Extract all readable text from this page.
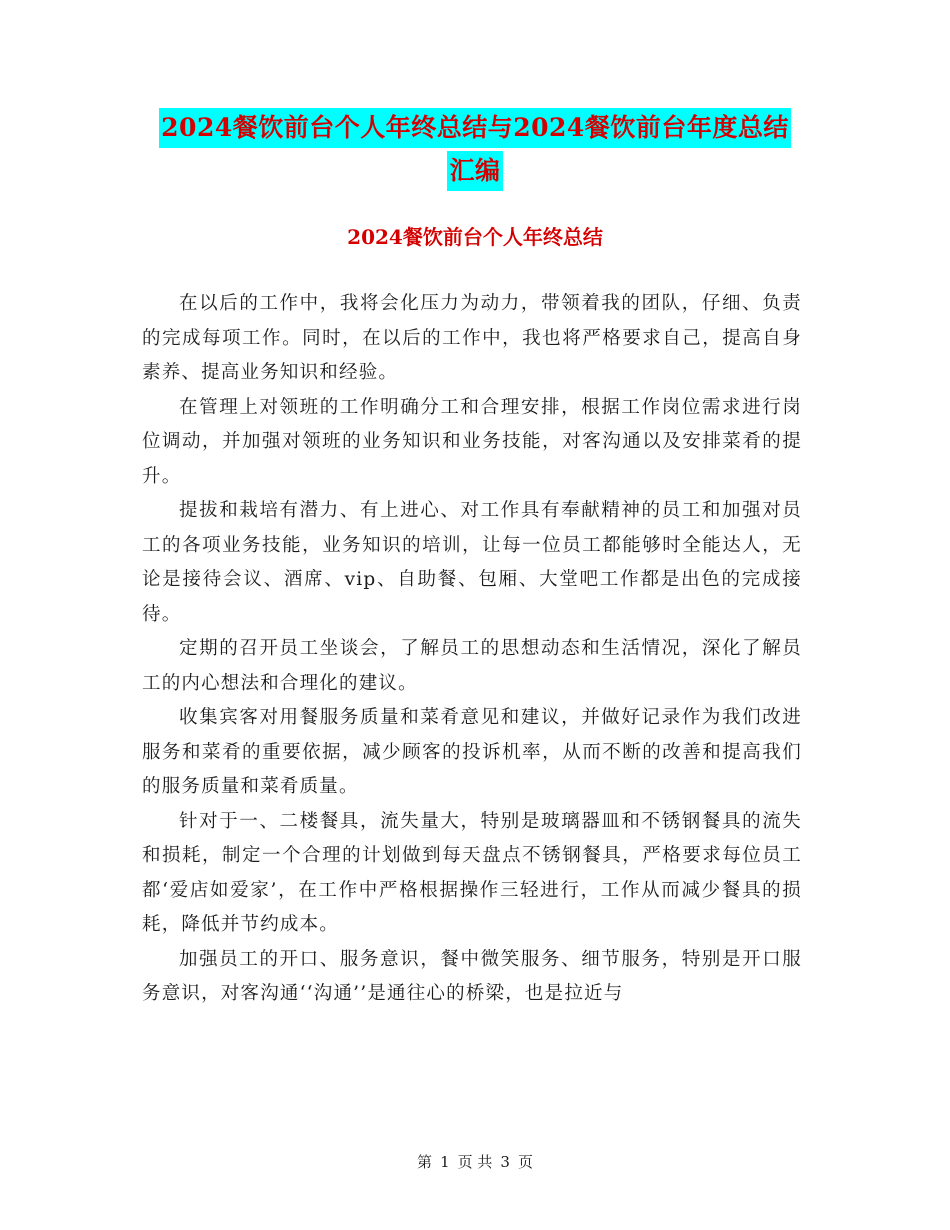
2024餐饮前台个人年终总结与2024餐饮前台年度总结
汇编
2024餐饮前台个人年终总结

在以后的工作中，我将会化压力为动力，带领着我的团队，仔细、负责的完成每项工作。同时，在以后的工作中，我也将严格要求自己，提高自身素养、提高业务知识和经验。

在管理上对领班的工作明确分工和合理安排，根据工作岗位需求进行岗位调动，并加强对领班的业务知识和业务技能，对客沟通以及安排菜肴的提升。

提拔和栽培有潜力、有上进心、对工作具有奉献精神的员工和加强对员工的各项业务技能，业务知识的培训，让每一位员工都能够时全能达人，无论是接待会议、酒席、vip、自助餐、包厢、大堂吧工作都是出色的完成接待。

定期的召开员工坐谈会，了解员工的思想动态和生活情况，深化了解员工的内心想法和合理化的建议。

收集宾客对用餐服务质量和菜肴意见和建议，并做好记录作为我们改进服务和菜肴的重要依据，减少顾客的投诉机率，从而不断的改善和提高我们的服务质量和菜肴质量。

针对于一、二楼餐具，流失量大，特别是玻璃器皿和不锈钢餐具的流失和损耗，制定一个合理的计划做到每天盘点不锈钢餐具，严格要求每位员工都‘爱店如爱家’，在工作中严格根据操作三轻进行，工作从而减少餐具的损耗，降低并节约成本。

加强员工的开口、服务意识，餐中微笑服务、细节服务，特别是开口服务意识，对客沟通‘‘沟通’’是通往心的桥梁，也是拉近与

第 1 页 共 3 页
